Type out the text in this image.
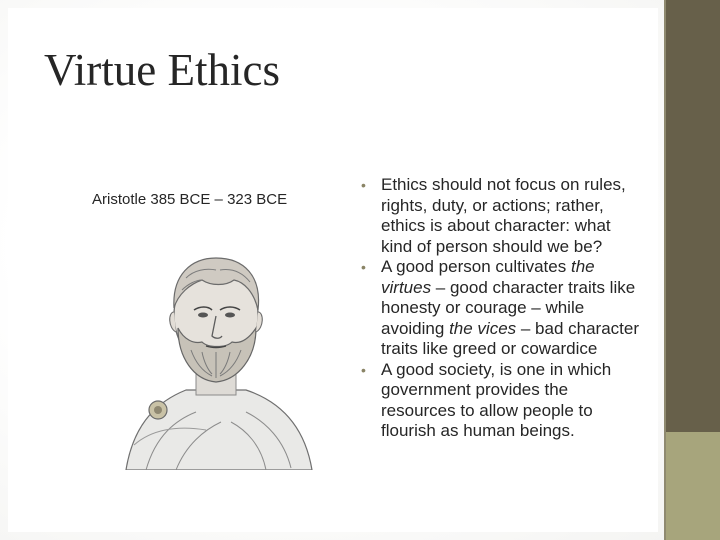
Virtue Ethics
Aristotle 385 BCE – 323 BCE
• Ethics should not focus on rules, rights, duty, or actions; rather, ethics is about character: what kind of person should we be?
• A good person cultivates the virtues – good character traits like honesty or courage – while avoiding the vices – bad character traits like greed or cowardice
• A good society, is one in which government provides the resources to allow people to flourish as human beings.
